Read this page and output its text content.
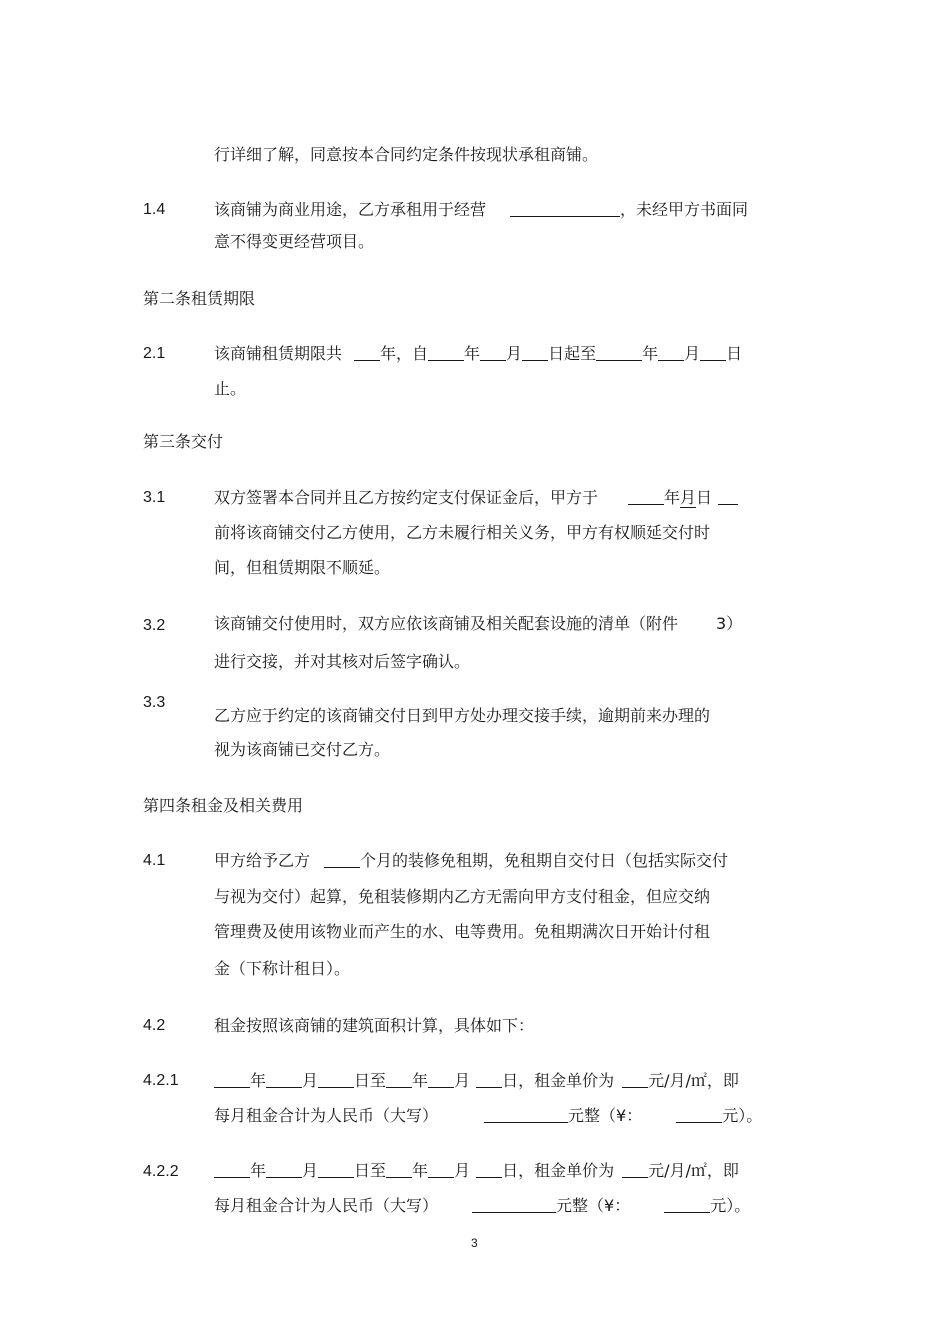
行详细了解，同意按本合同约定条件按现状承租商铺。
1.4	该商铺为商业用途，乙方承租用于经营	，未经甲方书面同
意不得变更经营项目。
第二条租赁期限
2.1	该商铺租赁期限共 年，自 年 月 日起至	年 月 日
止。
第三条交付
3.1	双方签署本合同并且乙方按约定支付保证金后，甲方于	年月日
前将该商铺交付乙方使用，乙方未履行相关义务，甲方有权顺延交付时
间，但租赁期限不顺延。
3.2	该商铺交付使用时，双方应依该商铺及相关配套设施的清单（附件 3）
进行交接，并对其核对后签字确认。
3.3
乙方应于约定的该商铺交付日到甲方处办理交接手续，逾期前来办理的
视为该商铺已交付乙方。
第四条租金及相关费用
4.1	甲方给予乙方	个月的装修免租期，免租期自交付日（包括实际交付
与视为交付）起算，免租装修期内乙方无需向甲方支付租金，但应交纳
管理费及使用该物业而产生的水、电等费用。免租期满次日开始计付租
金（下称计租日）。
4.2	租金按照该商铺的建筑面积计算，具体如下：
4.2.1	年 月 日至 年 月 日，租金单价为 元/月/㎡，即
每月租金合计为人民币（大写）	元整（¥：	元）。
4.2.2	年 月 日至 年 月 日，租金单价为 元/月/㎡，即
每月租金合计为人民币（大写）	元整（¥：	元）。
3
